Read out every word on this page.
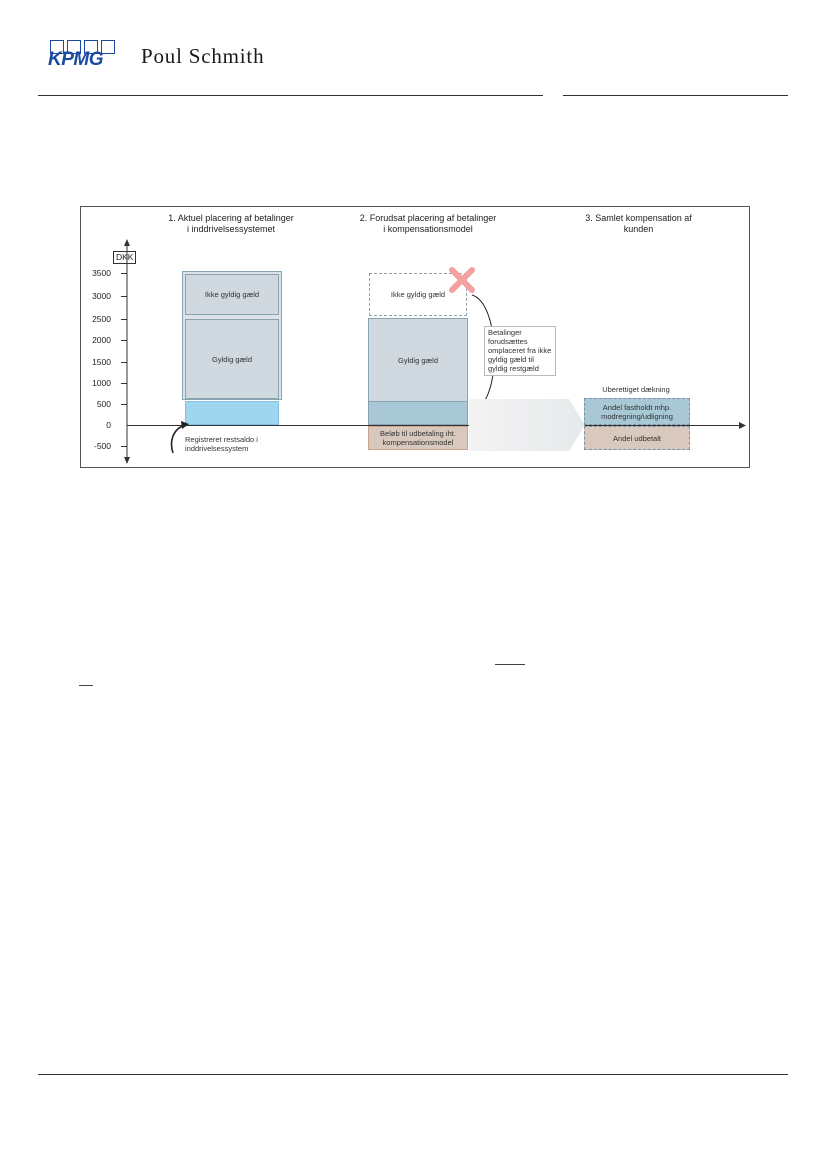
KPMG Poul Schmith
1. Aktuel placering af betalinger
i inddrivelsessystemet
2. Forudsat placering af betalinger
i kompensationsmodel
3. Samlet kompensation af
kunden
DKK
3500
3000
2500
2000
1500
1000
500
0
-500
Ikke gyldig gæld
Gyldig gæld
Registreret restsaldo i
inddrivelsessystem
Ikke gyldig gæld
Gyldig gæld
Beløb til udbetaling iht.
kompensationsmodel
Betalinger
forudsættes
omplaceret fra ikke
gyldig gæld til
gyldig restgæld
Uberettiget dækning
Andel fastholdt mhp.
modregning/udligning
Andel udbetalt
